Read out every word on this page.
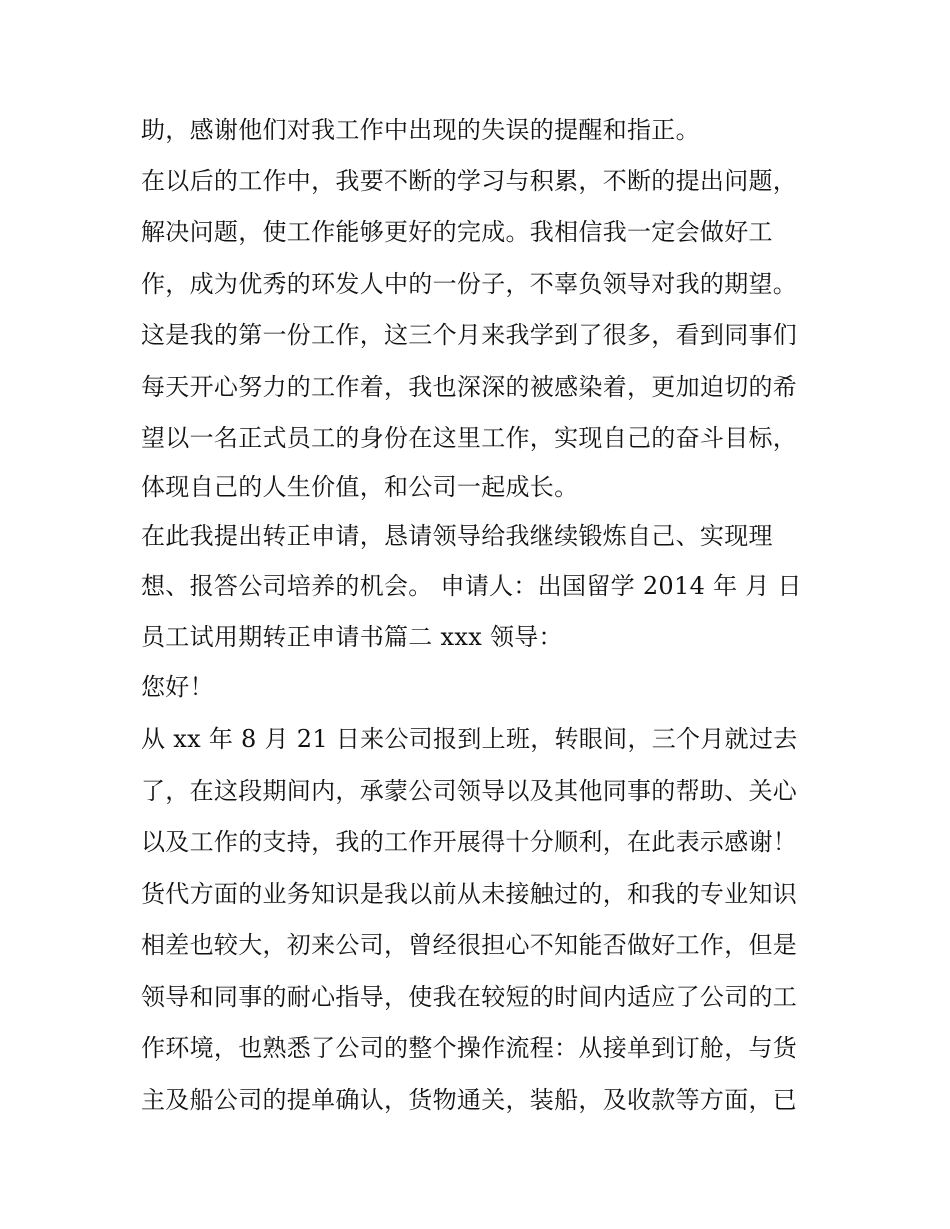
助，感谢他们对我工作中出现的失误的提醒和指正。
在以后的工作中，我要不断的学习与积累，不断的提出问题，
解决问题，使工作能够更好的完成。我相信我一定会做好工
作，成为优秀的环发人中的一份子，不辜负领导对我的期望。
这是我的第一份工作，这三个月来我学到了很多，看到同事们
每天开心努力的工作着，我也深深的被感染着，更加迫切的希
望以一名正式员工的身份在这里工作，实现自己的奋斗目标，
体现自己的人生价值，和公司一起成长。
在此我提出转正申请，恳请领导给我继续锻炼自己、实现理
想、报答公司培养的机会。 申请人：出国留学 2014 年 月 日
员工试用期转正申请书篇二 xxx 领导：
您好！
从 xx 年 8 月 21 日来公司报到上班，转眼间，三个月就过去
了，在这段期间内，承蒙公司领导以及其他同事的帮助、关心
以及工作的支持，我的工作开展得十分顺利，在此表示感谢！
货代方面的业务知识是我以前从未接触过的，和我的专业知识
相差也较大，初来公司，曾经很担心不知能否做好工作，但是
领导和同事的耐心指导，使我在较短的时间内适应了公司的工
作环境，也熟悉了公司的整个操作流程：从接单到订舱，与货
主及船公司的提单确认，货物通关，装船，及收款等方面，已
